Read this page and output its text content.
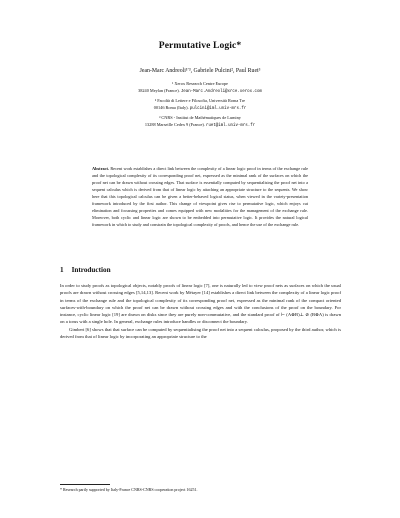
Permutative Logic*
Jean-Marc Andreoli¹ʹ³, Gabriele Pulcini², Paul Ruet³
¹ Xerox Research Centre Europe
38240 Meylan (France). Jean-Marc.Andreoli@xrce.xerox.com
² Facoltà di Lettere e Filosofia, Università Roma Tre
00146 Roma (Italy). pulcini@iml.univ-mrs.fr
³ CNRS - Institut de Mathématiques de Luminy
13288 Marseille Cedex 9 (France). ruet@iml.univ-mrs.fr
Abstract. Recent work establishes a direct link between the complexity of a linear logic proof in terms of the exchange rule and the topological complexity of its corresponding proof net, expressed as the minimal rank of the surfaces on which the proof net can be drawn without crossing edges. That surface is essentially computed by sequentialising the proof net into a sequent calculus which is derived from that of linear logic by attaching an appropriate structure to the sequents. We show here that this topological calculus can be given a better-behaved logical status, when viewed in the variety-presentation framework introduced by the first author. This change of viewpoint gives rise to permutative logic, which enjoys cut elimination and focussing properties and comes equipped with new modalities for the management of the exchange rule. Moreover, both cyclic and linear logic are shown to be embedded into permutative logic. It provides the natural logical framework in which to study and constrain the topological complexity of proofs, and hence the use of the exchange rule.
1 Introduction

In order to study proofs as topological objects, notably proofs of linear logic [7], one is naturally led to view proof nets as surfaces on which the usual proofs are drawn without crossing edges [5,14,13]. Recent work by Métayer [14] establishes a direct link between the complexity of a linear logic proof in terms of the exchange rule and the topological complexity of its corresponding proof net, expressed as the minimal rank of the compact oriented surfaces-with-boundary on which the proof net can be drawn without crossing edges and with the conclusions of the proof on the boundary. For instance, cyclic linear logic [19] are drawn on disks since they are purely non-commutative, and the standard proof of ⊢ (A⊗B)⊥ ⊘ (B⊗A) is drawn on a torus with a single hole. In general, exchange rules introduce handles or disconnect the boundary.

Gimbert [6] shows that that surface can be computed by sequentialising the proof net into a sequent calculus, proposed by the third author, which is derived from that of linear logic by incorporating an appropriate structure to the

* Research partly supported by Italy-France CNRS-CNRS cooperation project 16251.
